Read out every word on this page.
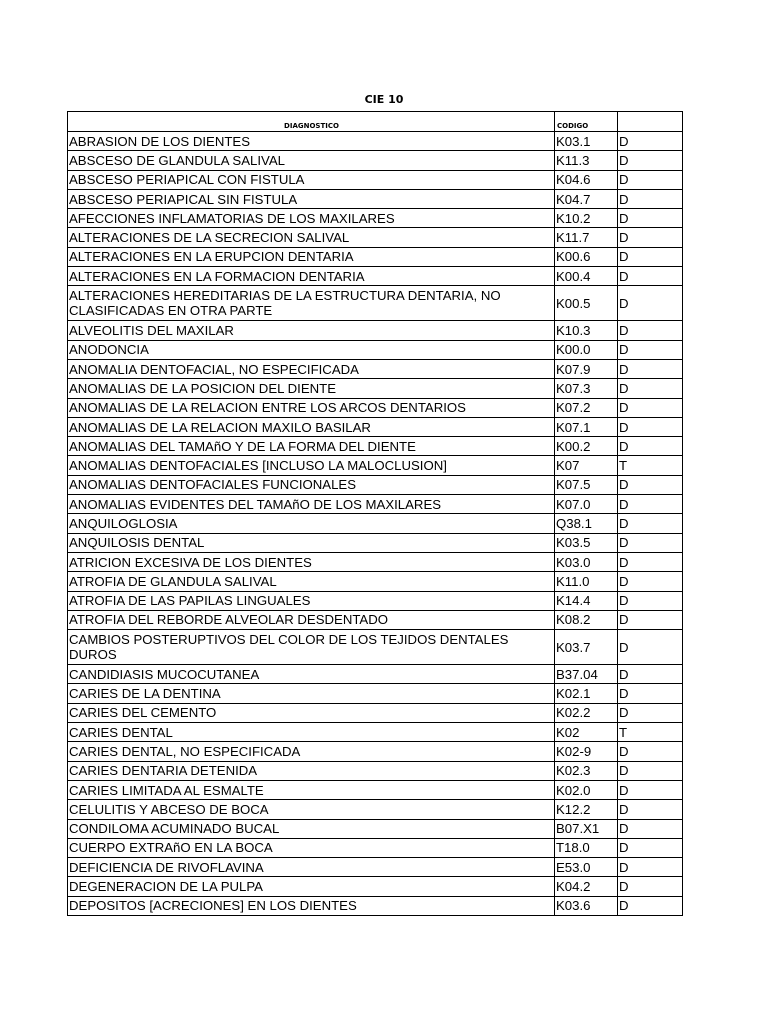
CIE 10
DIAGNOSTICO	CODIGO	
ABRASION DE LOS DIENTES	K03.1	D
ABSCESO DE GLANDULA SALIVAL	K11.3	D
ABSCESO PERIAPICAL CON FISTULA	K04.6	D
ABSCESO PERIAPICAL SIN FISTULA	K04.7	D
AFECCIONES INFLAMATORIAS DE LOS MAXILARES	K10.2	D
ALTERACIONES DE LA SECRECION SALIVAL	K11.7	D
ALTERACIONES EN LA ERUPCION DENTARIA	K00.6	D
ALTERACIONES EN LA FORMACION DENTARIA	K00.4	D
ALTERACIONES HEREDITARIAS DE LA ESTRUCTURA DENTARIA, NO CLASIFICADAS EN OTRA PARTE	K00.5	D
ALVEOLITIS DEL MAXILAR	K10.3	D
ANODONCIA	K00.0	D
ANOMALIA DENTOFACIAL, NO ESPECIFICADA	K07.9	D
ANOMALIAS DE LA POSICION DEL DIENTE	K07.3	D
ANOMALIAS DE LA RELACION ENTRE LOS ARCOS DENTARIOS	K07.2	D
ANOMALIAS DE LA RELACION MAXILO BASILAR	K07.1	D
ANOMALIAS DEL TAMAñO Y DE LA FORMA DEL DIENTE	K00.2	D
ANOMALIAS DENTOFACIALES [INCLUSO LA MALOCLUSION]	K07	T
ANOMALIAS DENTOFACIALES FUNCIONALES	K07.5	D
ANOMALIAS EVIDENTES DEL TAMAñO DE LOS MAXILARES	K07.0	D
ANQUILOGLOSIA	Q38.1	D
ANQUILOSIS DENTAL	K03.5	D
ATRICION EXCESIVA DE LOS DIENTES	K03.0	D
ATROFIA DE GLANDULA SALIVAL	K11.0	D
ATROFIA DE LAS PAPILAS LINGUALES	K14.4	D
ATROFIA DEL REBORDE ALVEOLAR DESDENTADO	K08.2	D
CAMBIOS POSTERUPTIVOS DEL COLOR DE LOS TEJIDOS DENTALES DUROS	K03.7	D
CANDIDIASIS MUCOCUTANEA	B37.04	D
CARIES DE LA DENTINA	K02.1	D
CARIES DEL CEMENTO	K02.2	D
CARIES DENTAL	K02	T
CARIES DENTAL, NO ESPECIFICADA	K02-9	D
CARIES DENTARIA DETENIDA	K02.3	D
CARIES LIMITADA AL ESMALTE	K02.0	D
CELULITIS Y ABCESO DE BOCA	K12.2	D
CONDILOMA ACUMINADO BUCAL	B07.X1	D
CUERPO EXTRAñO EN LA BOCA	T18.0	D
DEFICIENCIA DE RIVOFLAVINA	E53.0	D
DEGENERACION DE LA PULPA	K04.2	D
DEPOSITOS [ACRECIONES] EN LOS DIENTES	K03.6	D
